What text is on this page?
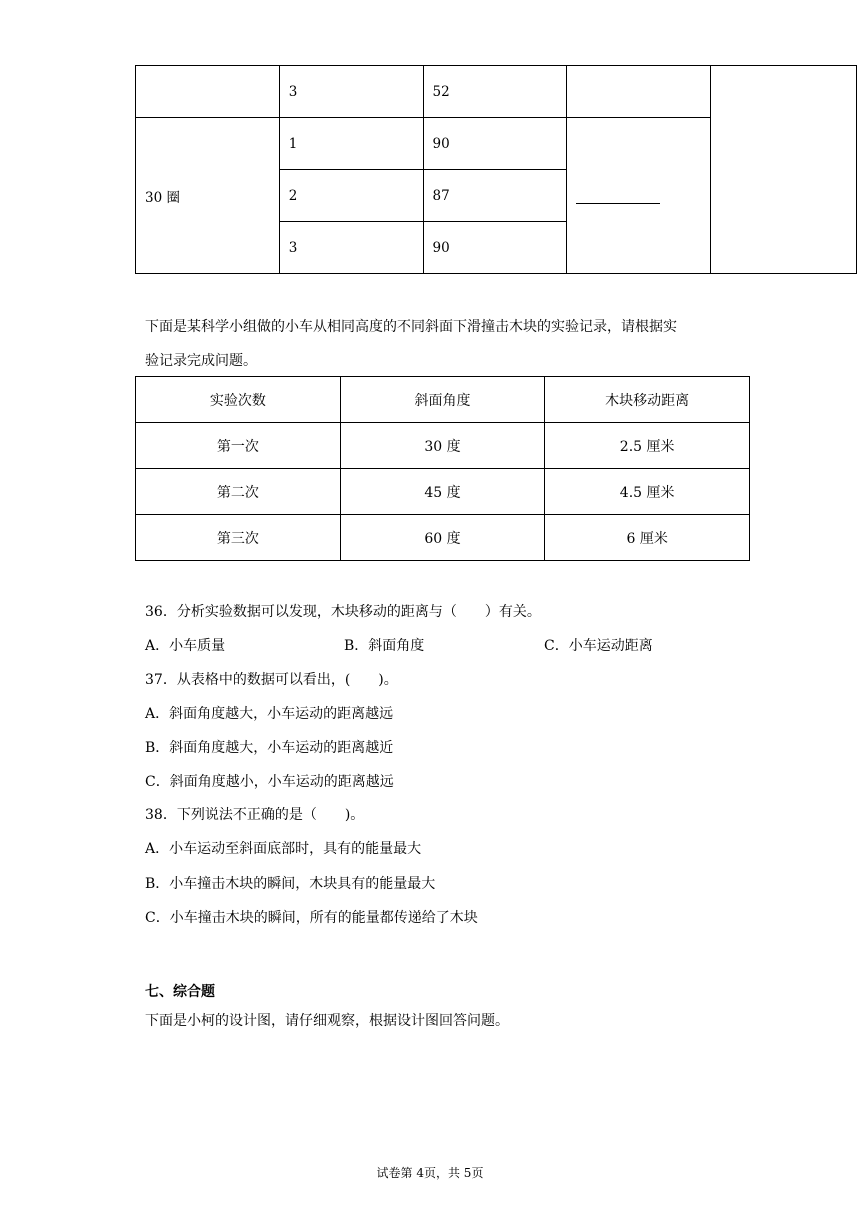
	3	52		
30 圈	1	90		
	2	87		
	3	90		
下面是某科学小组做的小车从相同高度的不同斜面下滑撞击木块的实验记录，请根据实
验记录完成问题。
实验次数	斜面角度	木块移动距离
第一次	30 度	2.5 厘米
第二次	45 度	4.5 厘米
第三次	60 度	6 厘米
36．分析实验数据可以发现，木块移动的距离与（　　）有关。
A．小车质量	B．斜面角度	C．小车运动距离
37．从表格中的数据可以看出，(　　)。
A．斜面角度越大，小车运动的距离越远
B．斜面角度越大，小车运动的距离越近
C．斜面角度越小，小车运动的距离越远
38．下列说法不正确的是（　　)。
A．小车运动至斜面底部时，具有的能量最大
B．小车撞击木块的瞬间，木块具有的能量最大
C．小车撞击木块的瞬间，所有的能量都传递给了木块
七、综合题
下面是小柯的设计图，请仔细观察，根据设计图回答问题。
试卷第 4页，共 5页
